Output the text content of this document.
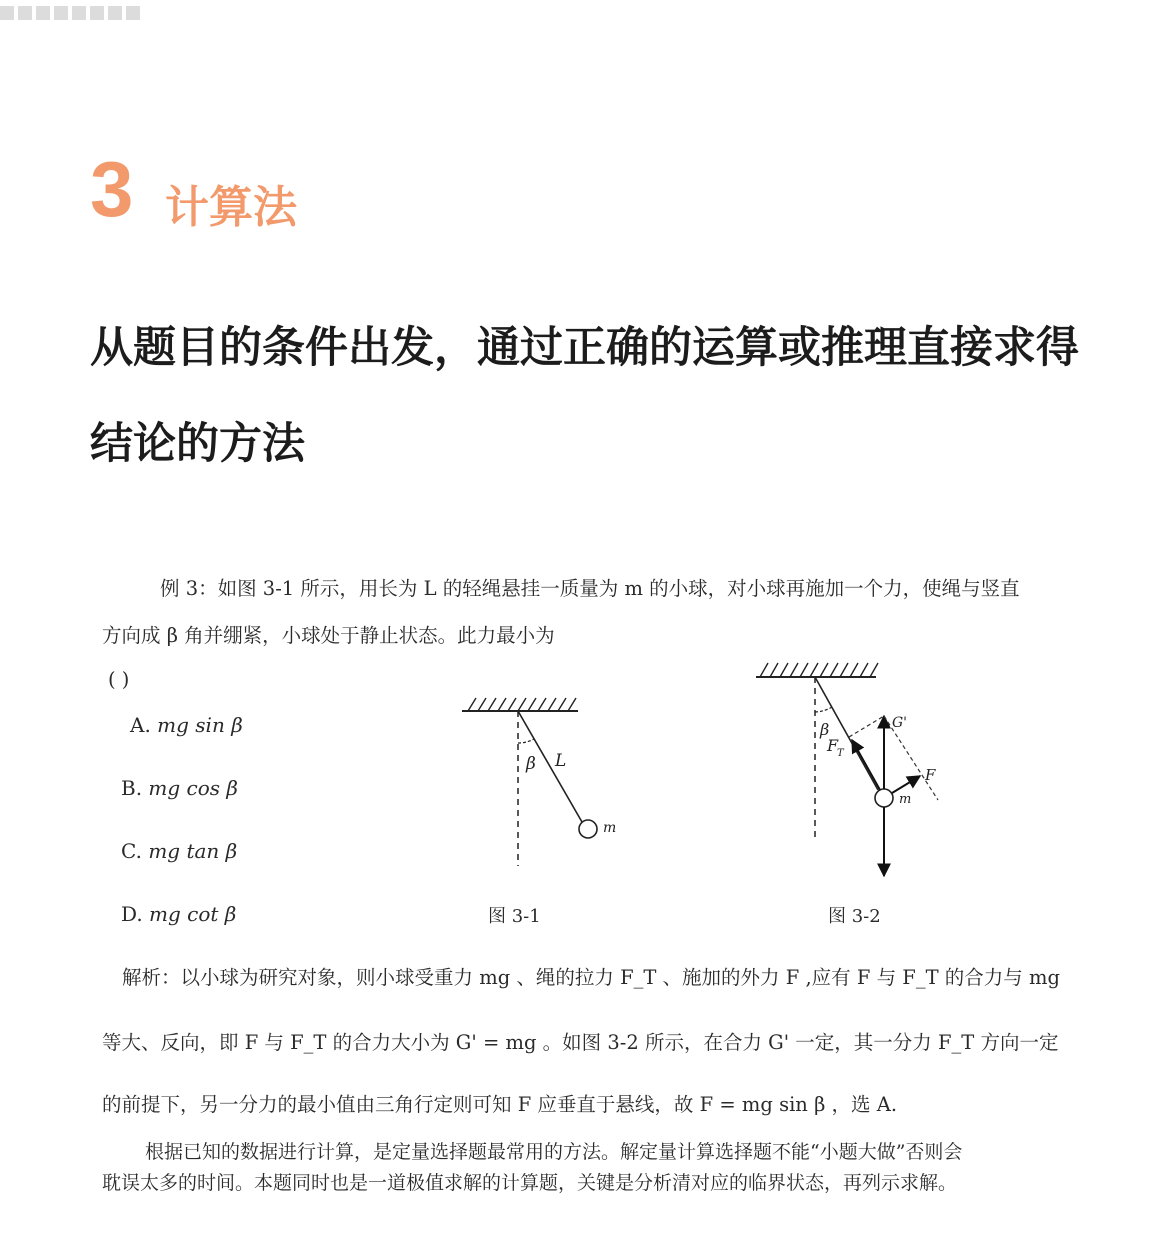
3 计算法
从题目的条件出发，通过正确的运算或推理直接求得结论的方法
例 3：如图 3-1 所示，用长为 L 的轻绳悬挂一质量为 m 的小球，对小球再施加一个力，使绳与竖直
方向成 β 角并绷紧，小球处于静止状态。此力最小为
( )
A. mg sin β
B. mg cos β
C. mg tan β
D. mg cot β
β L
m
β
F
T
G'
F
m
图 3-1	图 3-2
解析：以小球为研究对象，则小球受重力 mg 、绳的拉力 F_T 、施加的外力 F ,应有 F 与 F_T 的合力与 mg
等大、反向，即 F 与 F_T 的合力大小为 G' = mg 。如图 3-2 所示，在合力 G' 一定，其一分力 F_T 方向一定
的前提下，另一分力的最小值由三角行定则可知 F 应垂直于悬线，故 F = mg sin β ，选 A.
根据已知的数据进行计算，是定量选择题最常用的方法。解定量计算选择题不能“小题大做”否则会
耽误太多的时间。本题同时也是一道极值求解的计算题，关键是分析清对应的临界状态，再列示求解。
